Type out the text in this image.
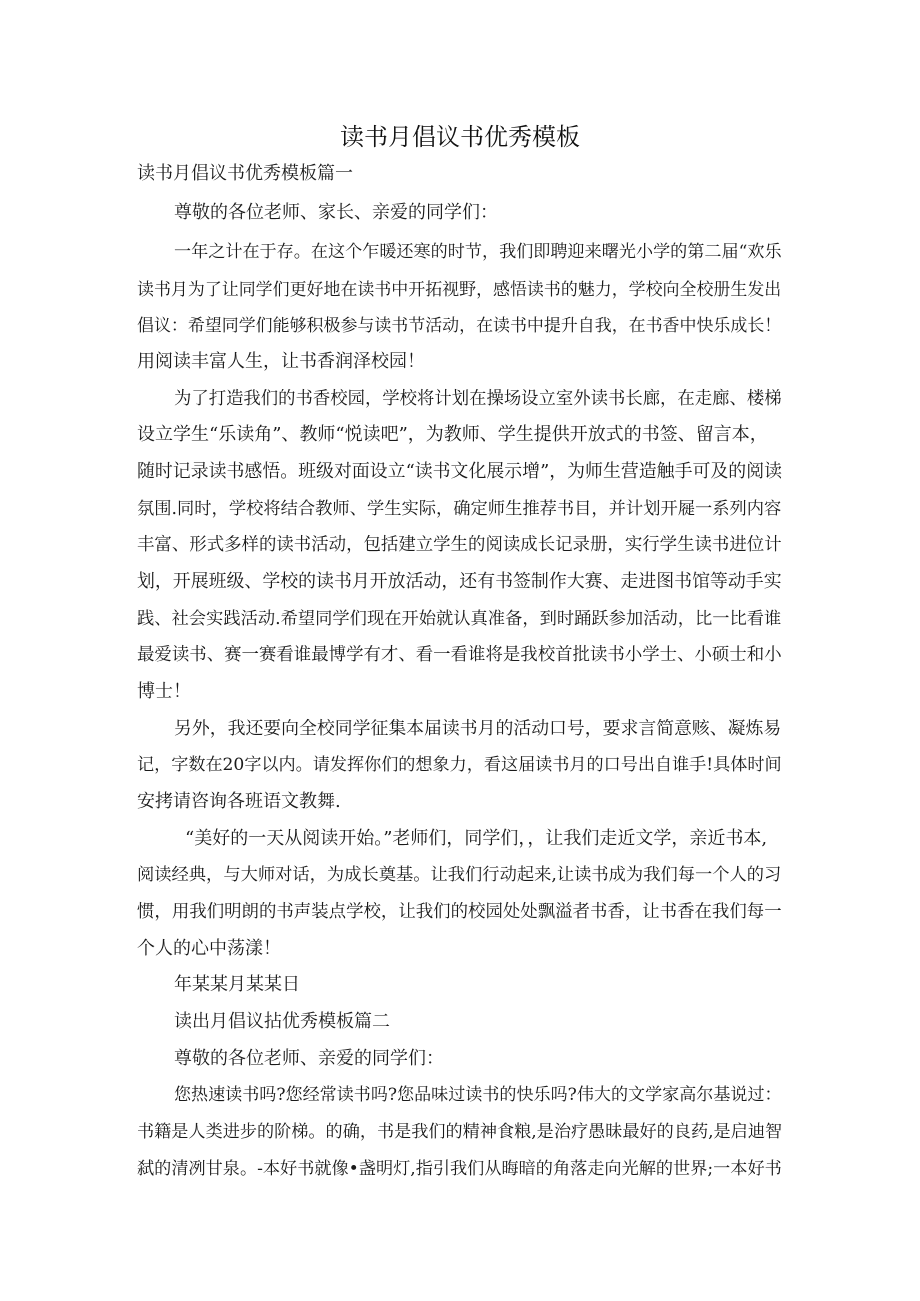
读书月倡议书优秀模板
读书月倡议书优秀模板篇一
尊敬的各位老师、家长、亲爱的同学们：
一年之计在于存。在这个乍暖还寒的时节，我们即聘迎来曙光小学的第二届“欢乐
读书月为了让同学们更好地在读书中开拓视野，感悟读书的魅力，学校向全校册生发出
倡议：希望同学们能够积极参与读书节活动，在读书中提升自我，在书香中快乐成长！
用阅读丰富人生，让书香润泽校园！
为了打造我们的书香校园，学校将计划在操场设立室外读书长廊，在走廊、楼梯
设立学生“乐读角”、教师“悦读吧”，为教师、学生提供开放式的书签、留言本，
随时记录读书感悟。班级对面设立“读书文化展示增”，为师生营造触手可及的阅读
氛围.同时，学校将结合教师、学生实际，确定师生推荐书目，并计划开屣一系列内容
丰富、形式多样的读书活动，包括建立学生的阅读成长记录册，实行学生读书进位计
划，开展班级、学校的读书月开放活动，还有书签制作大赛、走进图书馆等动手实
践、社会实践活动.希望同学们现在开始就认真准备，到时踊跃参加活动，比一比看谁
最爱读书、赛一赛看谁最博学有才、看一看谁将是我校首批读书小学士、小硕士和小
博士！
另外，我还要向全校同学征集本届读书月的活动口号，要求言简意赅、凝炼易
记，字数在20字以内。请发挥你们的想象力，看这届读书月的口号出自谁手!具体时间
安拷请咨询各班语文教舞.
“美好的一天从阅读开始。”老师们，同学们，，让我们走近文学，亲近书本,
阅读经典，与大师对话，为成长奠基。让我们行动起来,让读书成为我们每一个人的习
惯，用我们明朗的书声装点学校，让我们的校园处处飘溢者书香，让书香在我们每一
个人的心中荡漾！
年某某月某某日
读出月倡议拈优秀模板篇二
尊敬的各位老师、亲爱的同学们：
您热速读书吗?您经常读书吗?您品味过读书的快乐吗?伟大的文学家高尔基说过：
书籍是人类进步的阶梯。的确，书是我们的精神食粮,是治疗愚昧最好的良药,是启迪智
弑的清冽甘泉。-本好书就像•盏明灯,指引我们从晦暗的角落走向光解的世界;一本好书
